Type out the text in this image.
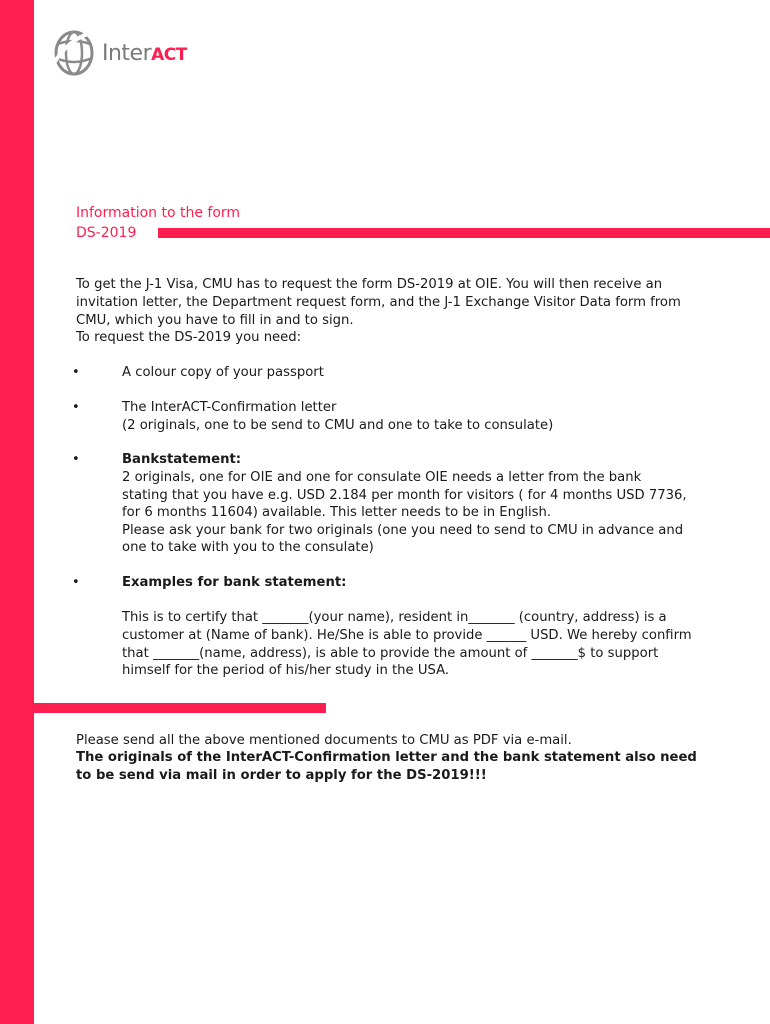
InterACT
Information to the form
DS-2019
To get the J-1 Visa, CMU has to request the form DS-2019 at OIE. You will then receive an
invitation letter, the Department request form, and the J-1 Exchange Visitor Data form from
CMU, which you have to fill in and to sign.
To request the DS-2019 you need:
•	A colour copy of your passport
•	The InterACT-Confirmation letter
(2 originals, one to be send to CMU and one to take to consulate)
•	Bankstatement:
2 originals, one for OIE and one for consulate OIE needs a letter from the bank
stating that you have e.g. USD 2.184 per month for visitors ( for 4 months USD 7736,
for 6 months 11604) available. This letter needs to be in English.
Please ask your bank for two originals (one you need to send to CMU in advance and
one to take with you to the consulate)
•	Examples for bank statement:
This is to certify that _______(your name), resident in_______ (country, address) is a
customer at (Name of bank). He/She is able to provide ______ USD. We hereby confirm
that _______(name, address), is able to provide the amount of _______$ to support
himself for the period of his/her study in the USA.
Please send all the above mentioned documents to CMU as PDF via e-mail.
The originals of the InterACT-Confirmation letter and the bank statement also need
to be send via mail in order to apply for the DS-2019!!!
